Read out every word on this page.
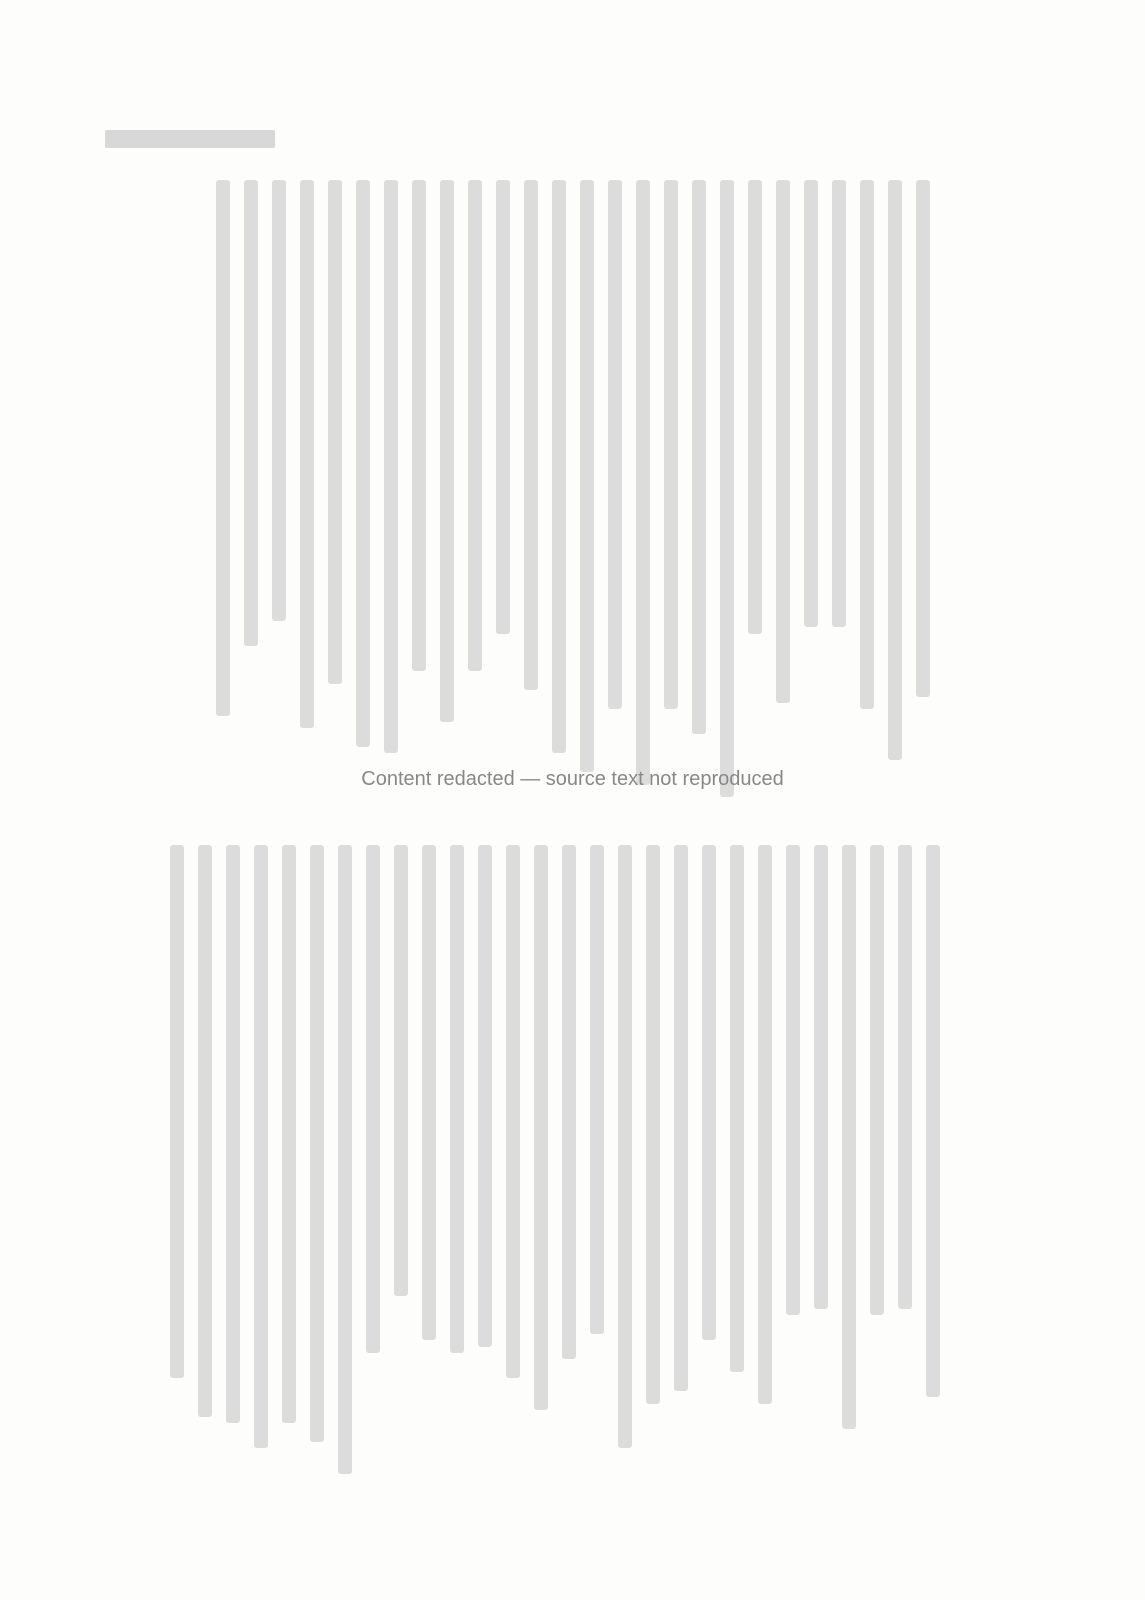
Content redacted — source text not reproduced
